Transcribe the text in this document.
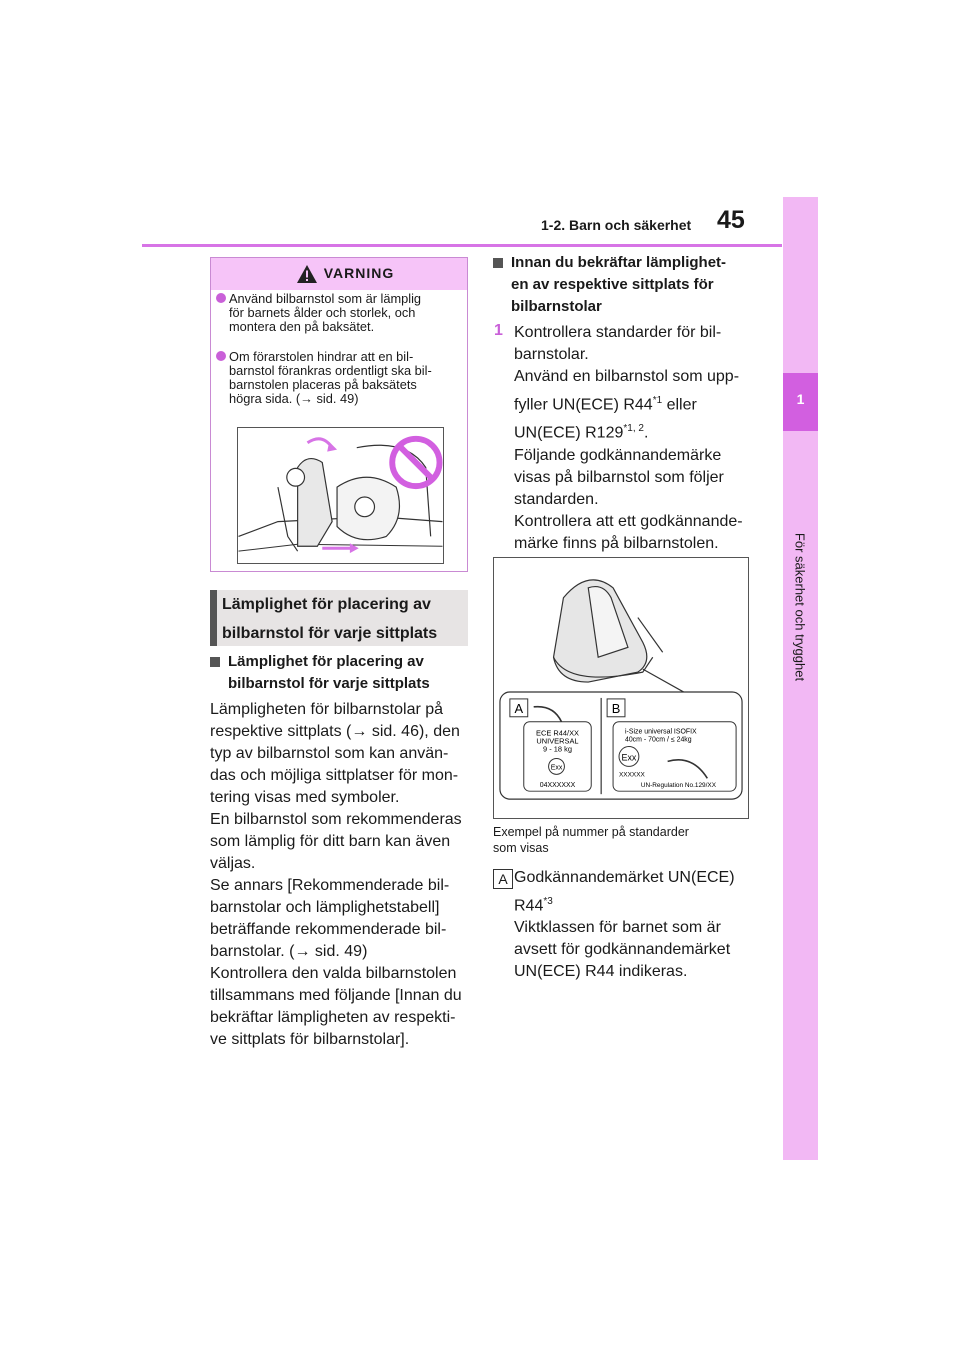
1-2. Barn och säkerhet 45
1
För säkerhet och trygghet
VARNING
Använd bilbarnstol som är lämplig
för barnets ålder och storlek, och
montera den på baksätet.
Om förarstolen hindrar att en bil-
barnstol förankras ordentligt ska bil-
barnstolen placeras på baksätets
högra sida. (→ sid. 49)
Lämplighet för placering av
bilbarnstol för varje sittplats
Lämplighet för placering av
bilbarnstol för varje sittplats
Lämpligheten för bilbarnstolar på
respektive sittplats (→ sid. 46), den
typ av bilbarnstol som kan använ-
das och möjliga sittplatser för mon-
tering visas med symboler.
En bilbarnstol som rekommenderas
som lämplig för ditt barn kan även
väljas.
Se annars [Rekommenderade bil-
barnstolar och lämplighetstabell]
beträffande rekommenderade bil-
barnstolar. (→ sid. 49)
Kontrollera den valda bilbarnstolen
tillsammans med följande [Innan du
bekräftar lämpligheten av respekti-
ve sittplats för bilbarnstolar].
Innan du bekräftar lämplighet-
en av respektive sittplats för
bilbarnstolar
1 Kontrollera standarder för bil-
barnstolar.
Använd en bilbarnstol som upp-
fyller UN(ECE) R44$^{*1}$ eller
UN(ECE) R129$^{*1, 2}$.
Följande godkännandemärke
visas på bilbarnstol som följer
standarden.
Kontrollera att ett godkännande-
märke finns på bilbarnstolen.
A	B
ECE R44/XX
UNIVERSAL
9 - 18 kg
Exx
04XXXXXX
i-Size universal ISOFIX
40cm - 70cm / ≤ 24kg
Exx
XXXXXX
UN-Regulation No.129/XX
Exempel på nummer på standarder
som visas
A Godkännandemärket UN(ECE)
R44$^{*3}$
Viktklassen för barnet som är
avsett för godkännandemärket
UN(ECE) R44 indikeras.
